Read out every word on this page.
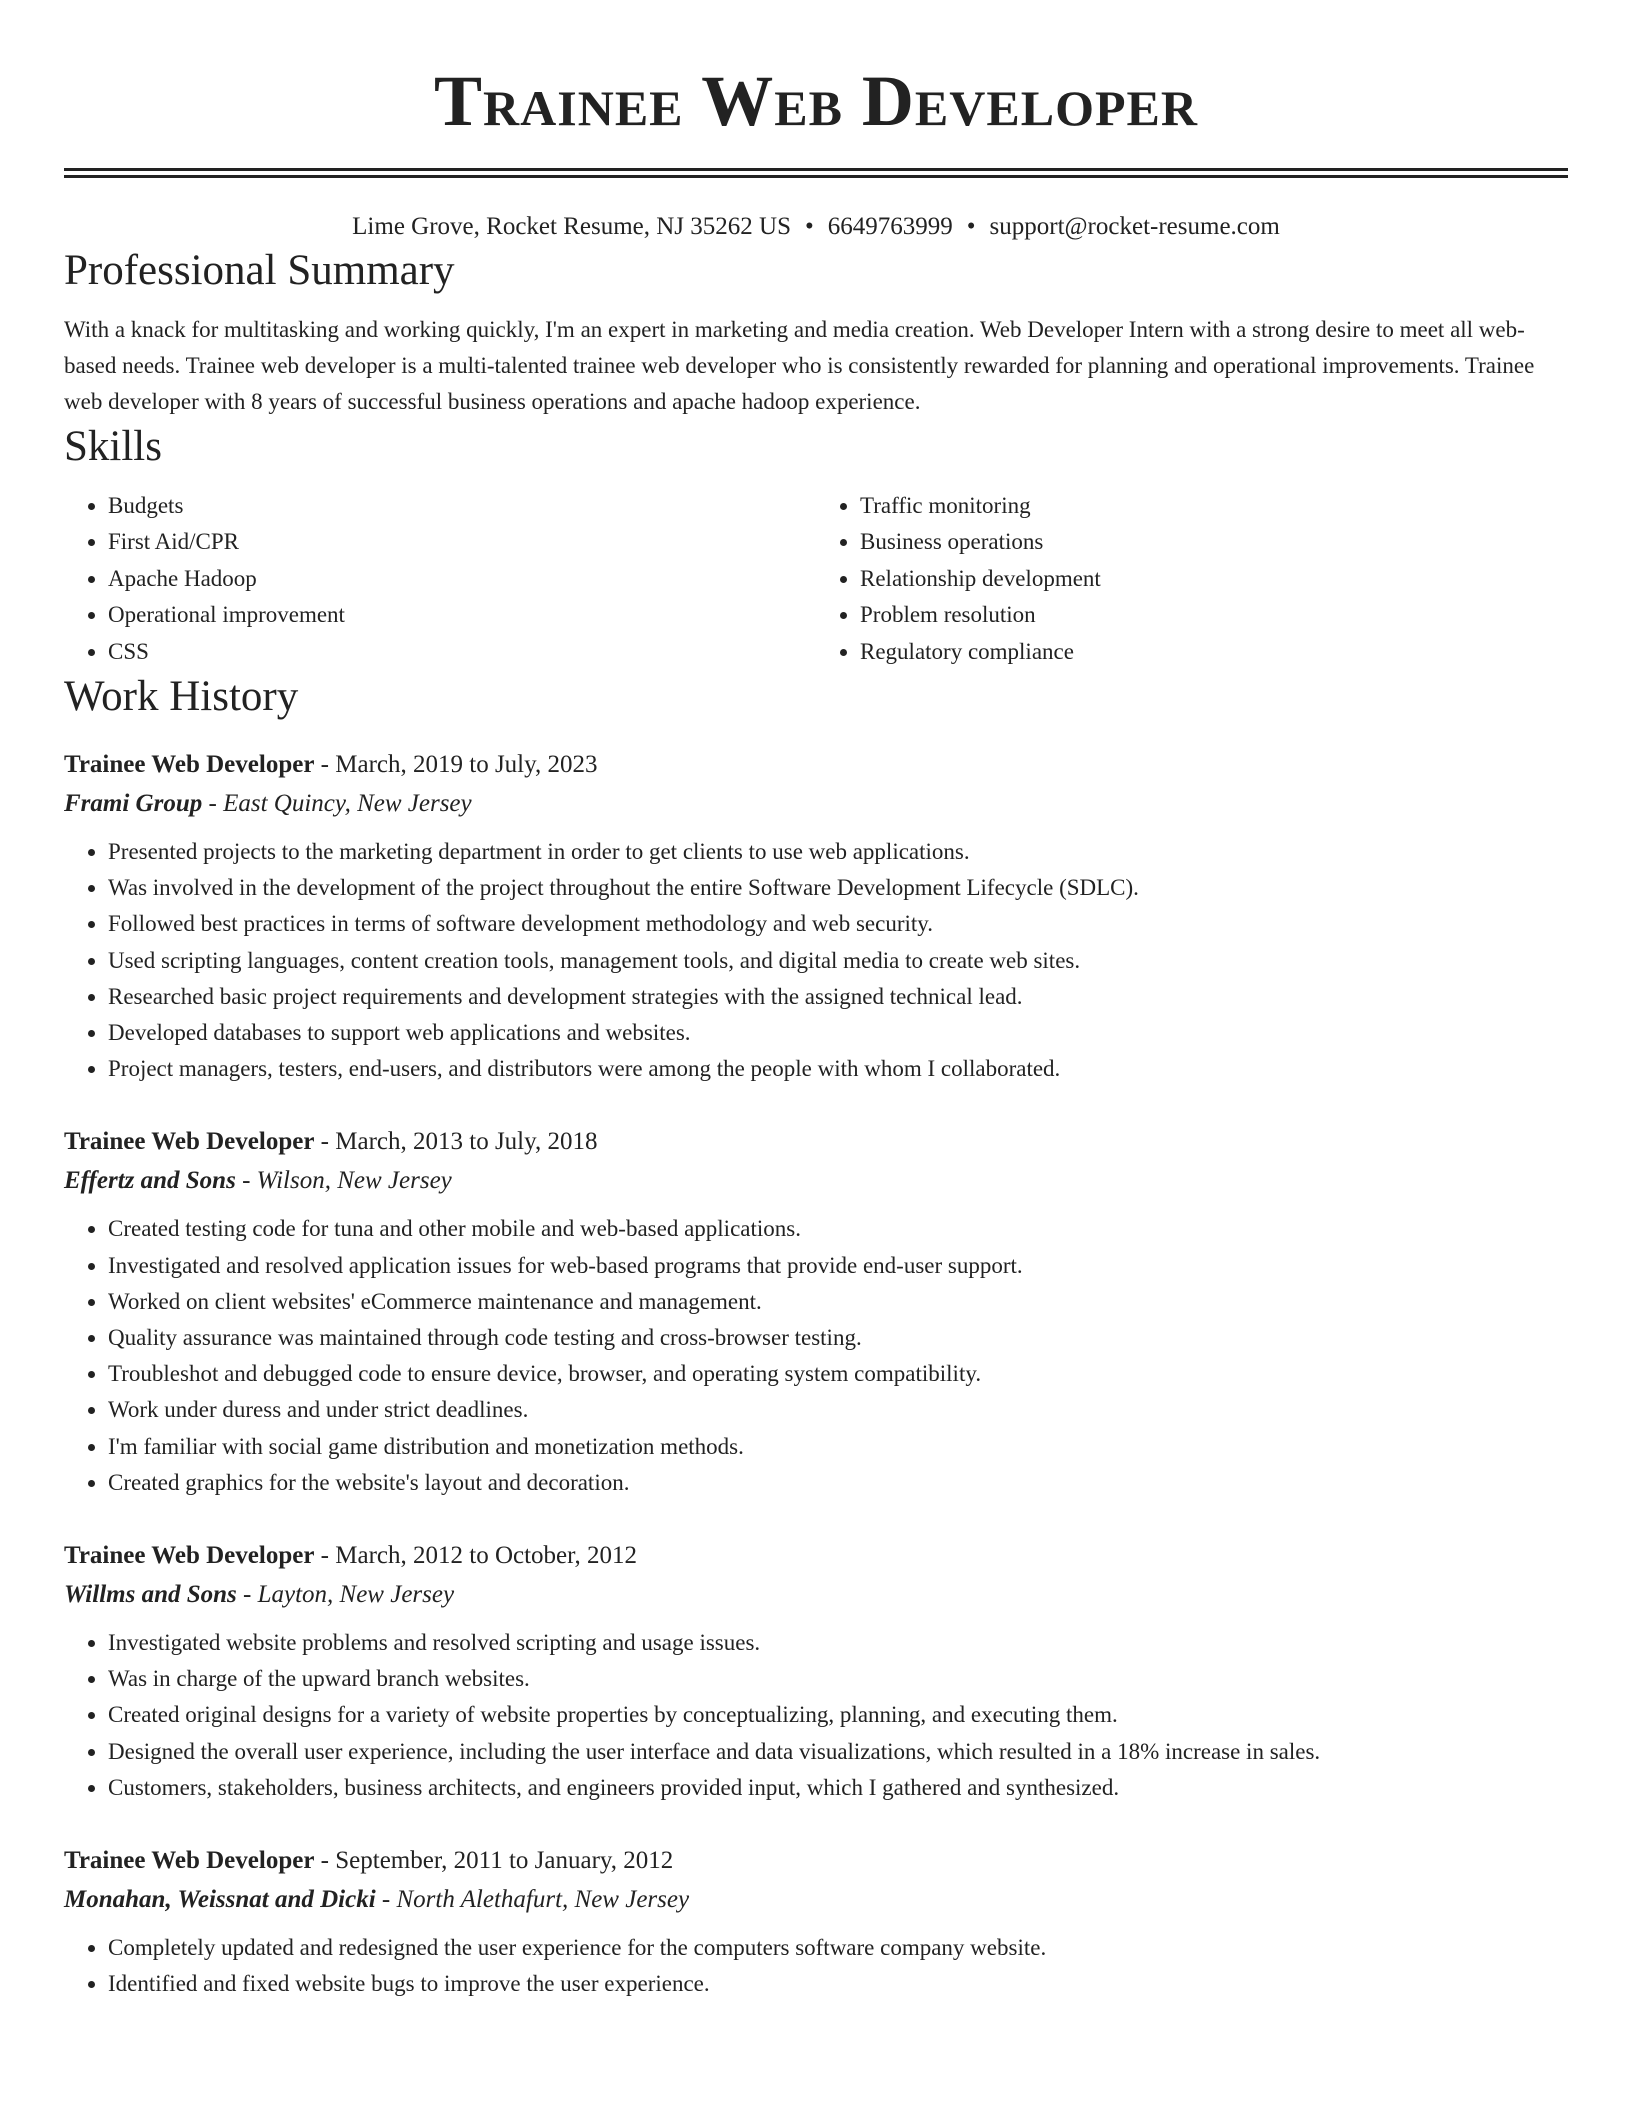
Trainee Web Developer
Lime Grove, Rocket Resume, NJ 35262 US • 6649763999 • support@rocket-resume.com
Professional Summary

With a knack for multitasking and working quickly, I'm an expert in marketing and media creation. Web Developer Intern with a strong desire to meet all web-based needs. Trainee web developer is a multi-talented trainee web developer who is consistently rewarded for planning and operational improvements. Trainee web developer with 8 years of successful business operations and apache hadoop experience.

Skills
• Budgets
• First Aid/CPR
• Apache Hadoop
• Operational improvement
• CSS
• Traffic monitoring
• Business operations
• Relationship development
• Problem resolution
• Regulatory compliance
Work History
Trainee Web Developer - March, 2019 to July, 2023
Frami Group - East Quincy, New Jersey
• Presented projects to the marketing department in order to get clients to use web applications.
• Was involved in the development of the project throughout the entire Software Development Lifecycle (SDLC).
• Followed best practices in terms of software development methodology and web security.
• Used scripting languages, content creation tools, management tools, and digital media to create web sites.
• Researched basic project requirements and development strategies with the assigned technical lead.
• Developed databases to support web applications and websites.
• Project managers, testers, end-users, and distributors were among the people with whom I collaborated.
Trainee Web Developer - March, 2013 to July, 2018
Effertz and Sons - Wilson, New Jersey
• Created testing code for tuna and other mobile and web-based applications.
• Investigated and resolved application issues for web-based programs that provide end-user support.
• Worked on client websites' eCommerce maintenance and management.
• Quality assurance was maintained through code testing and cross-browser testing.
• Troubleshot and debugged code to ensure device, browser, and operating system compatibility.
• Work under duress and under strict deadlines.
• I'm familiar with social game distribution and monetization methods.
• Created graphics for the website's layout and decoration.
Trainee Web Developer - March, 2012 to October, 2012
Willms and Sons - Layton, New Jersey
• Investigated website problems and resolved scripting and usage issues.
• Was in charge of the upward branch websites.
• Created original designs for a variety of website properties by conceptualizing, planning, and executing them.
• Designed the overall user experience, including the user interface and data visualizations, which resulted in a 18% increase in sales.
• Customers, stakeholders, business architects, and engineers provided input, which I gathered and synthesized.
Trainee Web Developer - September, 2011 to January, 2012
Monahan, Weissnat and Dicki - North Alethafurt, New Jersey
• Completely updated and redesigned the user experience for the computers software company website.
• Identified and fixed website bugs to improve the user experience.
